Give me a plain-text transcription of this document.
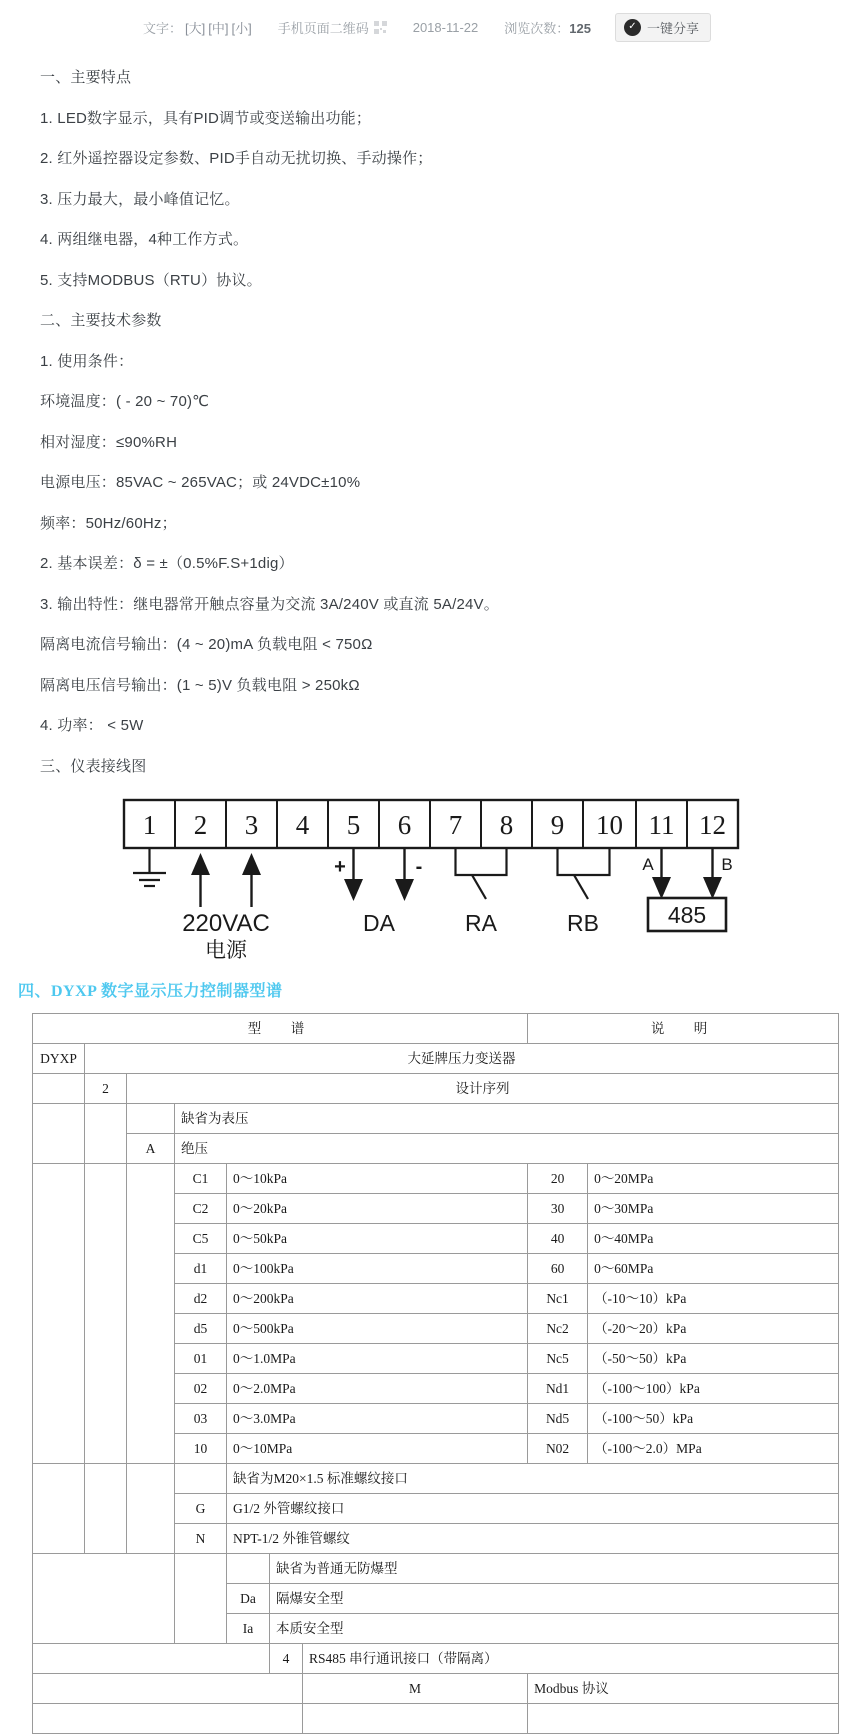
文字： [大] [中] [小] 手机页面二维码	2018-11-22 浏览次数：125	✓ 一键分享

一、主要特点

1. LED数字显示，具有PID调节或变送输出功能；

2. 红外遥控器设定参数、PID手自动无扰切换、手动操作；

3. 压力最大，最小峰值记忆。

4. 两组继电器，4种工作方式。

5. 支持MODBUS（RTU）协议。

二、主要技术参数

1. 使用条件：

环境温度：( - 20 ~ 70)℃

相对湿度：≤90%RH

电源电压：85VAC ~ 265VAC；或 24VDC±10%

频率：50Hz/60Hz；

2. 基本误差：δ = ±（0.5%F.S+1dig）

3. 输出特性：继电器常开触点容量为交流 3A/240V 或直流 5A/24V。

隔离电流信号输出：(4 ~ 20)mA 负载电阻 < 750Ω

隔离电压信号输出：(1 ~ 5)V 负载电阻 > 250kΩ

4. 功率： < 5W

三、仪表接线图

1 2 3 4 5 6 7 8 9 10 11 12
220VAC
电源
+	-
DA	RA	RB
A	B
485
四、DYXP 数字显示压力控制器型谱
型　谱							说　明	
DYXP	大延牌压力变送器							
	2	设计序列						
			缺省为表压					
		A	绝压					
			C1	0～10kPa			20	0～20MPa
			C2	0～20kPa			30	0～30MPa
			C5	0～50kPa			40	0～40MPa
			d1	0～100kPa			60	0～60MPa
			d2	0～200kPa			Nc1	（-10～10）kPa
			d5	0～500kPa			Nc2	（-20～20）kPa
			01	0～1.0MPa			Nc5	（-50～50）kPa
			02	0～2.0MPa			Nd1	（-100～100）kPa
			03	0～3.0MPa			Nd5	（-100～50）kPa
			10	0～10MPa			N02	（-100～2.0）MPa
				缺省为M20×1.5 标准螺纹接口				
			G	G1/2 外管螺纹接口				
			N	NPT-1/2 外锥管螺纹				
					缺省为普通无防爆型			
				Da	隔爆安全型			
				Ia	本质安全型			
					4	RS485 串行通讯接口（带隔离）		
						M	Modbus 协议	
